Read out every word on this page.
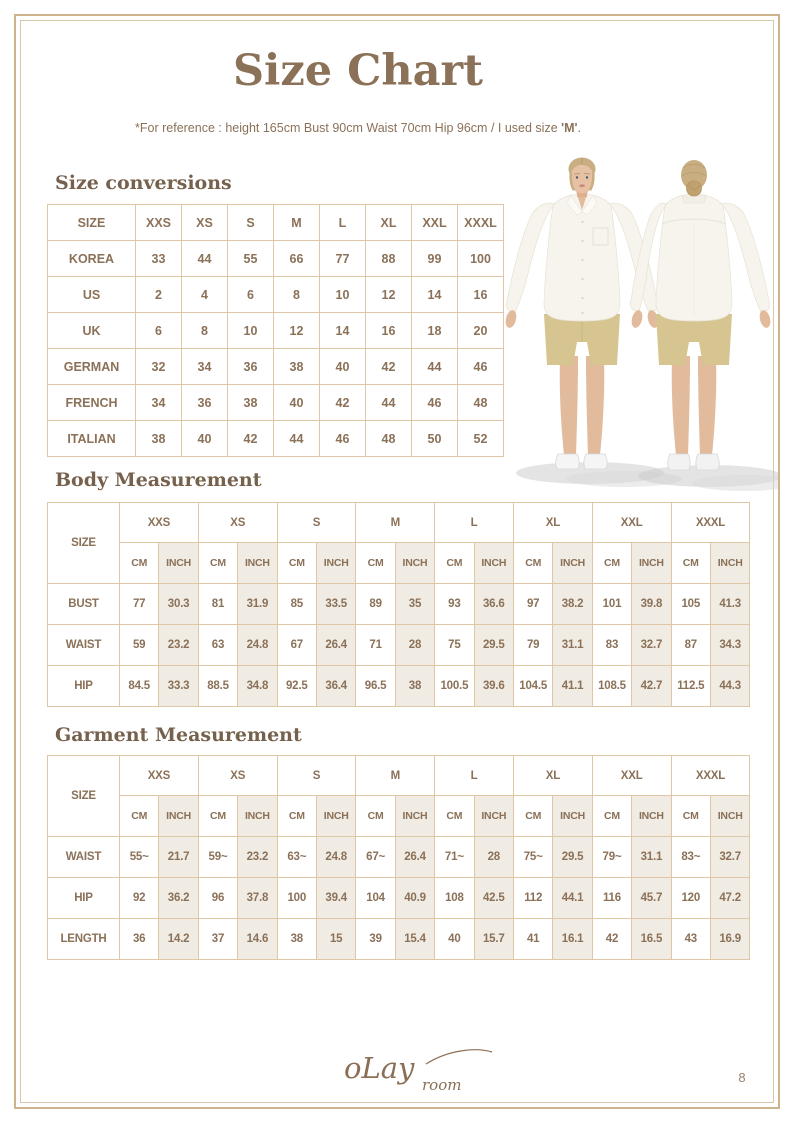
Size Chart
*For reference : height 165cm Bust 90cm Waist 70cm Hip 96cm / I used size 'M'.
Size conversions
SIZE	XXS	XS	S	M	L	XL	XXL	XXXL
KOREA	33	44	55	66	77	88	99	100
US	2	4	6	8	10	12	14	16
UK	6	8	10	12	14	16	18	20
GERMAN	32	34	36	38	40	42	44	46
FRENCH	34	36	38	40	42	44	46	48
ITALIAN	38	40	42	44	46	48	50	52
Body Measurement
SIZE	XXS		XS		S		M		L		XL		XXL		XXXL	
	CM	INCH	CM	INCH	CM	INCH	CM	INCH	CM	INCH	CM	INCH	CM	INCH	CM	INCH
BUST	77	30.3	81	31.9	85	33.5	89	35	93	36.6	97	38.2	101	39.8	105	41.3
WAIST	59	23.2	63	24.8	67	26.4	71	28	75	29.5	79	31.1	83	32.7	87	34.3
HIP	84.5	33.3	88.5	34.8	92.5	36.4	96.5	38	100.5	39.6	104.5	41.1	108.5	42.7	112.5	44.3
Garment Measurement
SIZE	XXS		XS		S		M		L		XL		XXL		XXXL	
	CM	INCH	CM	INCH	CM	INCH	CM	INCH	CM	INCH	CM	INCH	CM	INCH	CM	INCH
WAIST	55~	21.7	59~	23.2	63~	24.8	67~	26.4	71~	28	75~	29.5	79~	31.1	83~	32.7
HIP	92	36.2	96	37.8	100	39.4	104	40.9	108	42.5	112	44.1	116	45.7	120	47.2
LENGTH	36	14.2	37	14.6	38	15	39	15.4	40	15.7	41	16.1	42	16.5	43	16.9
oLay room	8
